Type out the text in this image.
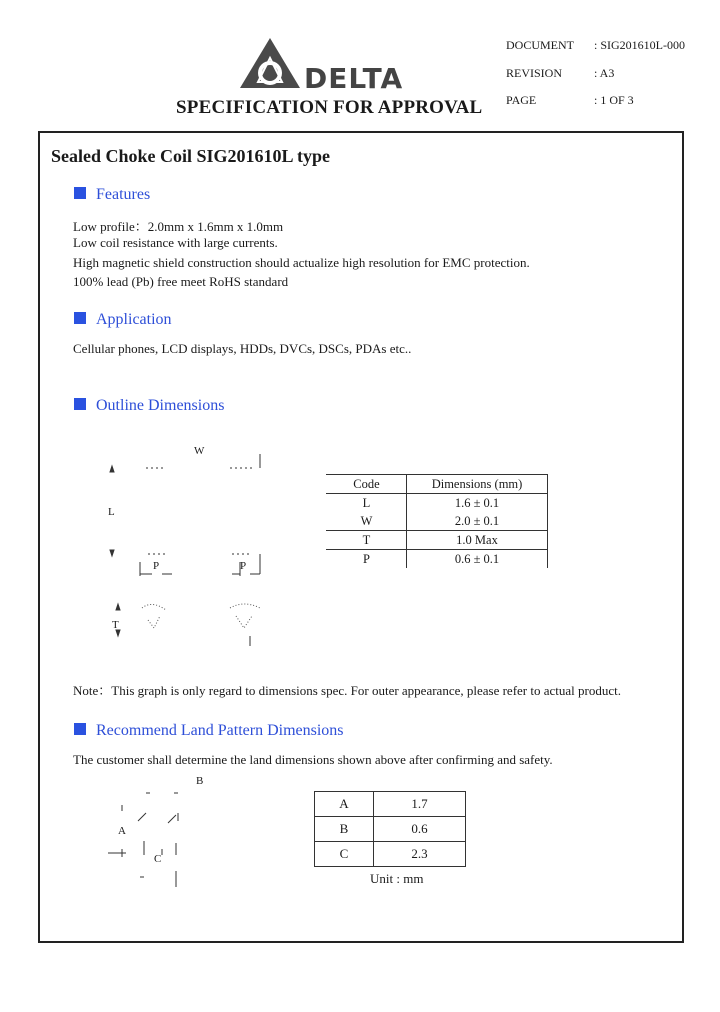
DELTA
SPECIFICATION FOR APPROVAL
DOCUMENT : SIG201610L-000
REVISION	: A3
PAGE	: 1 OF 3
Sealed Choke Coil SIG201610L type
Features
Low profile：2.0mm x 1.6mm x 1.0mm
Low coil resistance with large currents.
High magnetic shield construction should actualize high resolution for EMC protection.
100% lead (Pb) free meet RoHS standard
Application
Cellular phones, LCD displays, HDDs, DVCs, DSCs, PDAs etc..
Outline Dimensions
W
L
P	P
T
Code	Dimensions (mm)
L	1.6 ± 0.1
W	2.0 ± 0.1
T	1.0 Max
P	0.6 ± 0.1
Note：This graph is only regard to dimensions spec. For outer appearance, please refer to actual product.
Recommend Land Pattern Dimensions
The customer shall determine the land dimensions shown above after confirming and safety.
B
A
C
A	1.7
B	0.6
C	2.3
Unit : mm
